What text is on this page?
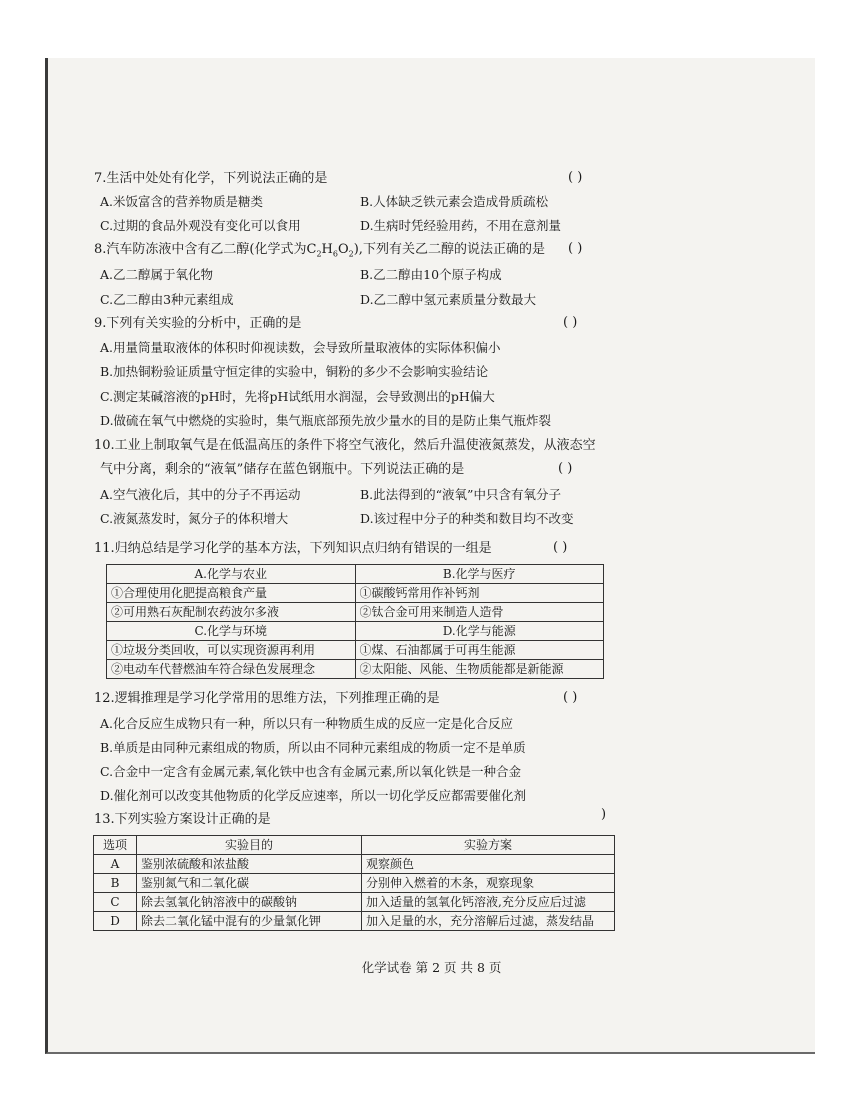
7.生活中处处有化学，下列说法正确的是	( )
A.米饭富含的营养物质是糖类	B.人体缺乏铁元素会造成骨质疏松
C.过期的食品外观没有变化可以食用	D.生病时凭经验用药，不用在意剂量
8.汽车防冻液中含有乙二醇(化学式为$C_2H_6O_2$),下列有关乙二醇的说法正确的是 ( )
A.乙二醇属于氧化物	B.乙二醇由10个原子构成
C.乙二醇由3种元素组成	D.乙二醇中氢元素质量分数最大
9.下列有关实验的分析中，正确的是	( )
A.用量筒量取液体的体积时仰视读数，会导致所量取液体的实际体积偏小
B.加热铜粉验证质量守恒定律的实验中，铜粉的多少不会影响实验结论
C.测定某碱溶液的pH时，先将pH试纸用水润湿，会导致测出的pH偏大
D.做硫在氧气中燃烧的实验时，集气瓶底部预先放少量水的目的是防止集气瓶炸裂
10.工业上制取氧气是在低温高压的条件下将空气液化，然后升温使液氮蒸发，从液态空
气中分离，剩余的“液氧”储存在蓝色钢瓶中。下列说法正确的是	( )
A.空气液化后，其中的分子不再运动	B.此法得到的“液氧”中只含有氧分子
C.液氮蒸发时，氮分子的体积增大	D.该过程中分子的种类和数目均不改变
11.归纳总结是学习化学的基本方法，下列知识点归纳有错误的一组是	( )
A.化学与农业	B.化学与医疗
①合理使用化肥提高粮食产量	①碳酸钙常用作补钙剂
②可用熟石灰配制农药波尔多液	②钛合金可用来制造人造骨
C.化学与环境	D.化学与能源
①垃圾分类回收，可以实现资源再利用	①煤、石油都属于可再生能源
②电动车代替燃油车符合绿色发展理念	②太阳能、风能、生物质能都是新能源
12.逻辑推理是学习化学常用的思维方法，下列推理正确的是	( )
A.化合反应生成物只有一种，所以只有一种物质生成的反应一定是化合反应
B.单质是由同种元素组成的物质，所以由不同种元素组成的物质一定不是单质
C.合金中一定含有金属元素,氧化铁中也含有金属元素,所以氧化铁是一种合金
D.催化剂可以改变其他物质的化学反应速率，所以一切化学反应都需要催化剂
13.下列实验方案设计正确的是	)
选项	实验目的	实验方案
A	鉴别浓硫酸和浓盐酸	观察颜色
B	鉴别氮气和二氧化碳	分别伸入燃着的木条，观察现象
C	除去氢氧化钠溶液中的碳酸钠	加入适量的氢氧化钙溶液,充分反应后过滤
D	除去二氧化锰中混有的少量氯化钾	加入足量的水，充分溶解后过滤，蒸发结晶
化学试卷 第 2 页 共 8 页
